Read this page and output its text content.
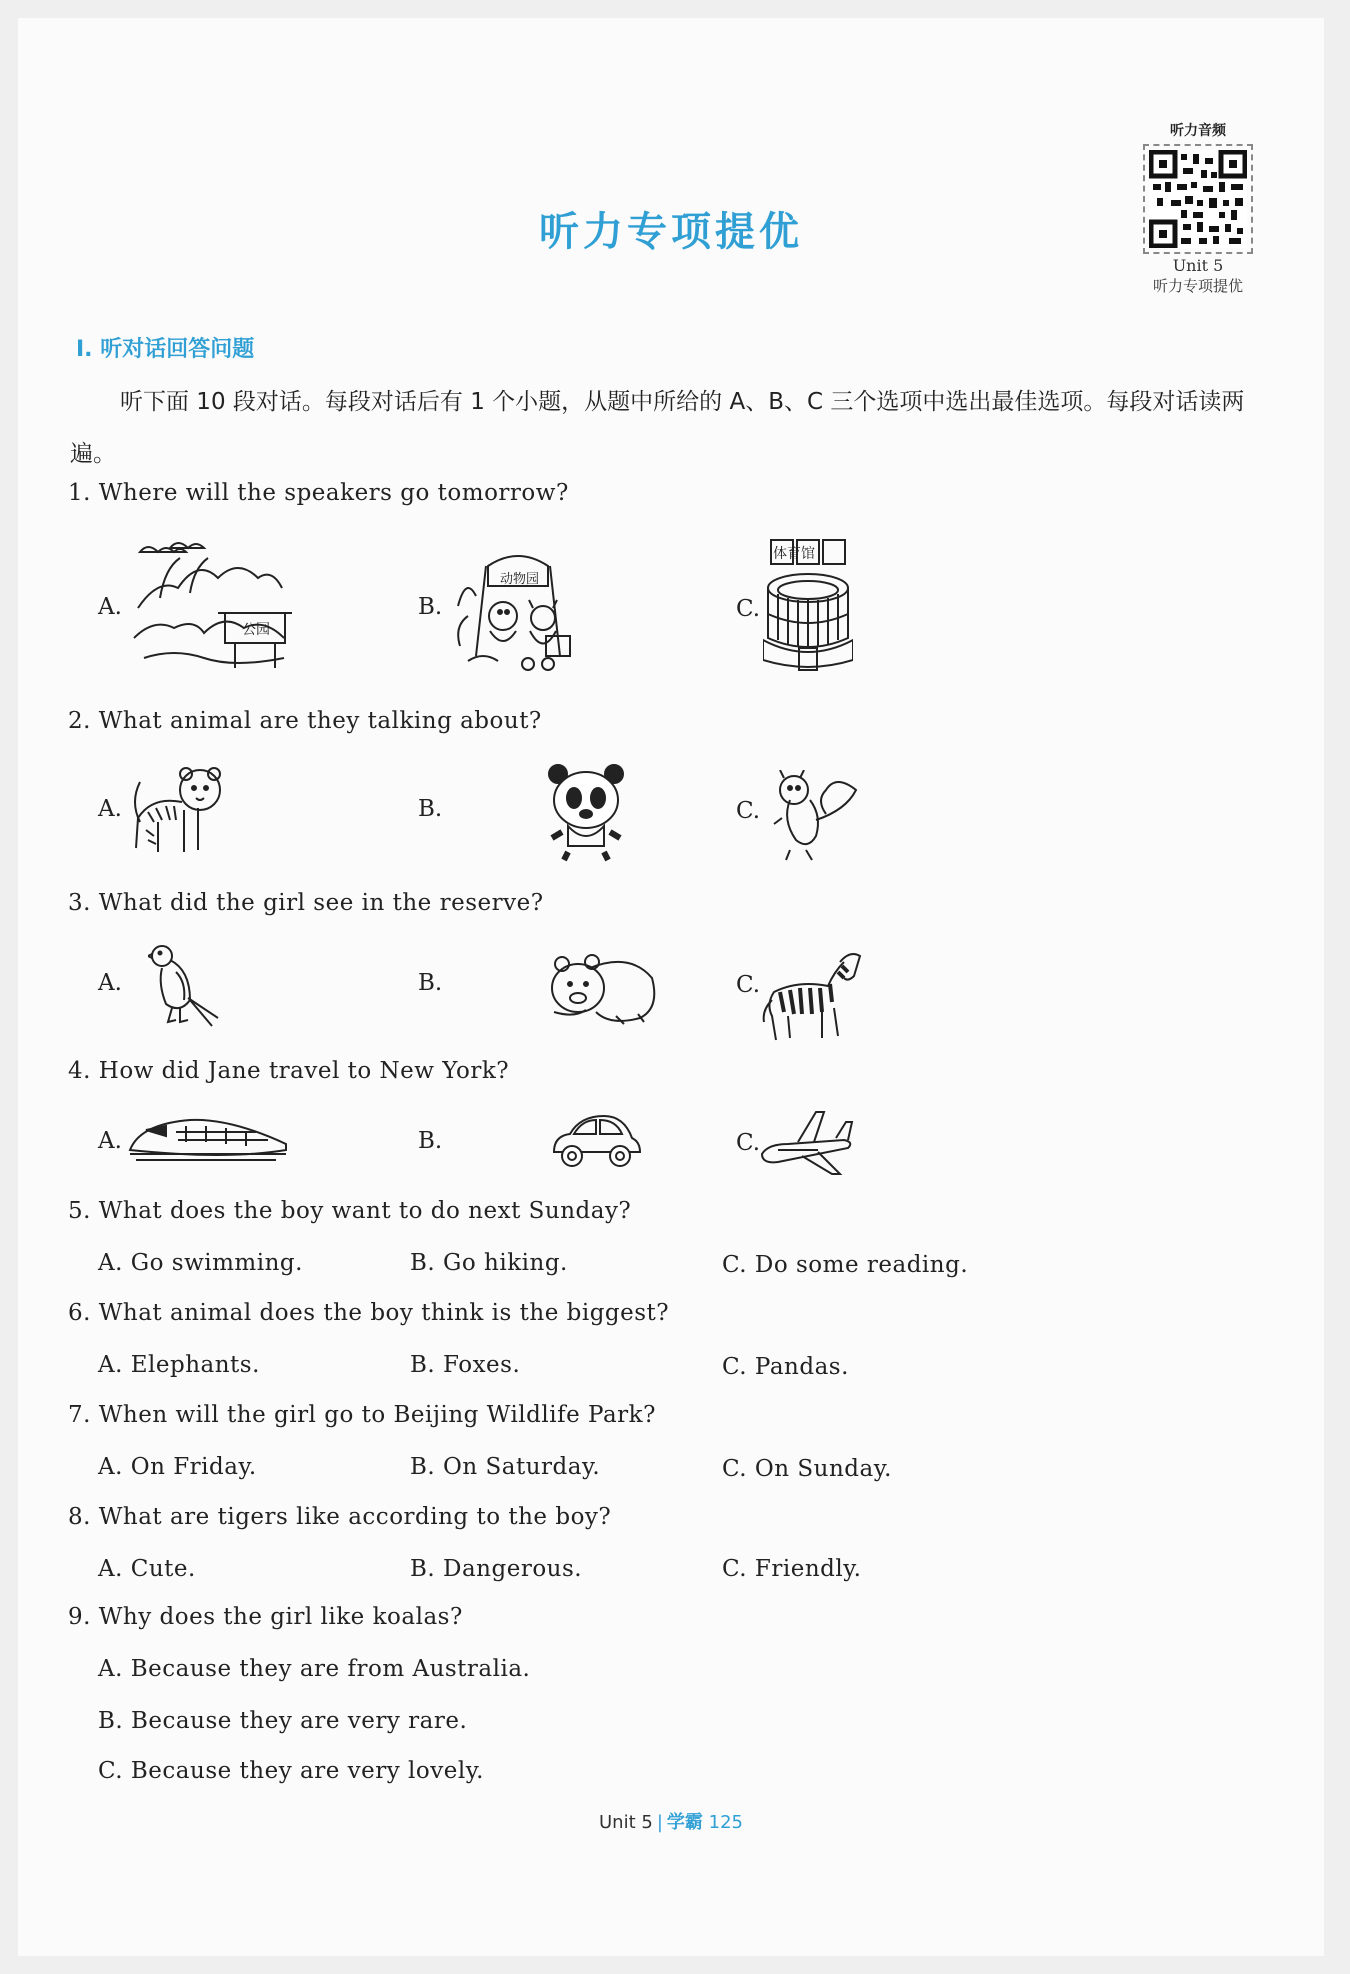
听力音频
Unit 5
听力专项提优
听力专项提优
Ⅰ. 听对话回答问题
听下面 10 段对话。每段对话后有 1 个小题，从题中所给的 A、B、C 三个选项中选出最佳选项。每段对话读两遍。
1. Where will the speakers go tomorrow?
A.
公园
B.
动物园
C.
体育馆
2. What animal are they talking about?
A.	B.	C.
3. What did the girl see in the reserve?
A.	B.	C.
4. How did Jane travel to New York?
A.	B.	C.
5. What does the boy want to do next Sunday?
A. Go swimming.	B. Go hiking.	C. Do some reading.
6. What animal does the boy think is the biggest?
A. Elephants.	B. Foxes.	C. Pandas.
7. When will the girl go to Beijing Wildlife Park?
A. On Friday.	B. On Saturday.	C. On Sunday.
8. What are tigers like according to the boy?
A. Cute.	B. Dangerous.	C. Friendly.
9. Why does the girl like koalas?
A. Because they are from Australia.
B. Because they are very rare.
C. Because they are very lovely.
Unit 5 | 学霸 125
